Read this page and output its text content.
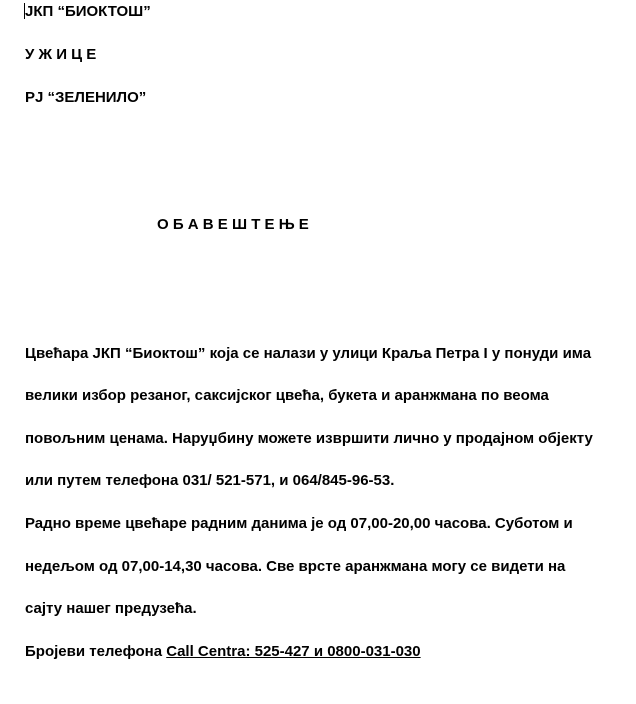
ЈКП “БИОКТОШ”
У Ж И Ц Е
РЈ “ЗЕЛЕНИЛО”
О Б А В Е Ш Т Е Њ Е
Цвећара ЈКП “Биоктош” која се налази у улици Краља Петра I у понуди има
велики избор резаног, саксијског цвећа, букета и аранжмана по веома
повољним ценама. Наруџбину можете извршити лично у продајном објекту
или путем телефона 031/ 521-571, и 064/845-96-53.
Радно време цвећаре радним данима је од 07,00-20,00 часова. Суботом и
недељом од 07,00-14,30 часова. Све врсте аранжмана могу се видети на
сајту нашег предузећа.
Бројеви телефона Call Centra: 525-427 и 0800-031-030
